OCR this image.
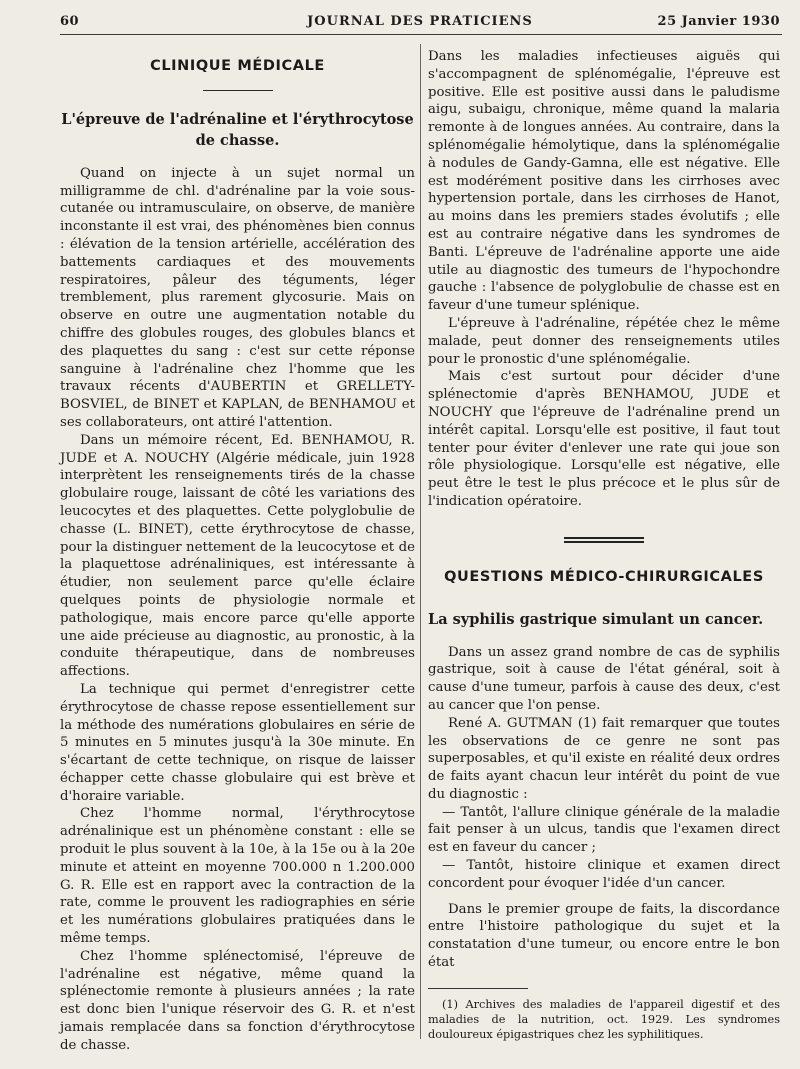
60	JOURNAL DES PRATICIENS	25 Janvier 1930
CLINIQUE MÉDICALE
L'épreuve de l'adrénaline et l'érythrocytose de chasse.

Quand on injecte à un sujet normal un milligramme de chl. d'adrénaline par la voie sous-cutanée ou intramusculaire, on observe, de manière inconstante il est vrai, des phénomènes bien connus : élévation de la tension artérielle, accélération des battements cardiaques et des mouvements respiratoires, pâleur des téguments, léger tremblement, plus rarement glycosurie. Mais on observe en outre une augmentation notable du chiffre des globules rouges, des globules blancs et des plaquettes du sang : c'est sur cette réponse sanguine à l'adrénaline chez l'homme que les travaux récents d'AUBERTIN et GRELLETY-BOSVIEL, de BINET et KAPLAN, de BENHAMOU et ses collaborateurs, ont attiré l'attention.

Dans un mémoire récent, Ed. BENHAMOU, R. JUDE et A. NOUCHY (Algérie médicale, juin 1928 interprètent les renseignements tirés de la chasse globulaire rouge, laissant de côté les variations des leucocytes et des plaquettes. Cette polyglobulie de chasse (L. BINET), cette érythrocytose de chasse, pour la distinguer nettement de la leucocytose et de la plaquettose adrénaliniques, est intéressante à étudier, non seulement parce qu'elle éclaire quelques points de physiologie normale et pathologique, mais encore parce qu'elle apporte une aide précieuse au diagnostic, au pronostic, à la conduite thérapeutique, dans de nombreuses affections.

La technique qui permet d'enregistrer cette érythrocytose de chasse repose essentiellement sur la méthode des numérations globulaires en série de 5 minutes en 5 minutes jusqu'à la 30e minute. En s'écartant de cette technique, on risque de laisser échapper cette chasse globulaire qui est brève et d'horaire variable.

Chez l'homme normal, l'érythrocytose adrénalinique est un phénomène constant : elle se produit le plus souvent à la 10e, à la 15e ou à la 20e minute et atteint en moyenne 700.000 n 1.200.000 G. R. Elle est en rapport avec la contraction de la rate, comme le prouvent les radiographies en série et les numérations globulaires pratiquées dans le même temps.

Chez l'homme splénectomisé, l'épreuve de l'adrénaline est négative, même quand la splénectomie remonte à plusieurs années ; la rate est donc bien l'unique réservoir des G. R. et n'est jamais remplacée dans sa fonction d'érythrocytose de chasse.

Dans les maladies infectieuses aiguës qui s'accompagnent de splénomégalie, l'épreuve est positive. Elle est positive aussi dans le paludisme aigu, subaigu, chronique, même quand la malaria remonte à de longues années. Au contraire, dans la splénomégalie hémolytique, dans la splénomégalie à nodules de Gandy-Gamna, elle est négative. Elle est modérément positive dans les cirrhoses avec hypertension portale, dans les cirrhoses de Hanot, au moins dans les premiers stades évolutifs ; elle est au contraire négative dans les syndromes de Banti. L'épreuve de l'adrénaline apporte une aide utile au diagnostic des tumeurs de l'hypochondre gauche : l'absence de polyglobulie de chasse est en faveur d'une tumeur splénique.

L'épreuve à l'adrénaline, répétée chez le même malade, peut donner des renseignements utiles pour le pronostic d'une splénomégalie.

Mais c'est surtout pour décider d'une splénectomie d'après BENHAMOU, JUDE et NOUCHY que l'épreuve de l'adrénaline prend un intérêt capital. Lorsqu'elle est positive, il faut tout tenter pour éviter d'enlever une rate qui joue son rôle physiologique. Lorsqu'elle est négative, elle peut être le test le plus précoce et le plus sûr de l'indication opératoire.

QUESTIONS MÉDICO-CHIRURGICALES
La syphilis gastrique simulant un cancer.

Dans un assez grand nombre de cas de syphilis gastrique, soit à cause de l'état général, soit à cause d'une tumeur, parfois à cause des deux, c'est au cancer que l'on pense.

René A. GUTMAN (1) fait remarquer que toutes les observations de ce genre ne sont pas superposables, et qu'il existe en réalité deux ordres de faits ayant chacun leur intérêt du point de vue du diagnostic :

— Tantôt, l'allure clinique générale de la maladie fait penser à un ulcus, tandis que l'examen direct est en faveur du cancer ;

— Tantôt, histoire clinique et examen direct concordent pour évoquer l'idée d'un cancer.

Dans le premier groupe de faits, la discordance entre l'histoire pathologique du sujet et la constatation d'une tumeur, ou encore entre le bon état

(1) Archives des maladies de l'appareil digestif et des maladies de la nutrition, oct. 1929. Les syndromes douloureux épigastriques chez les syphilitiques.
